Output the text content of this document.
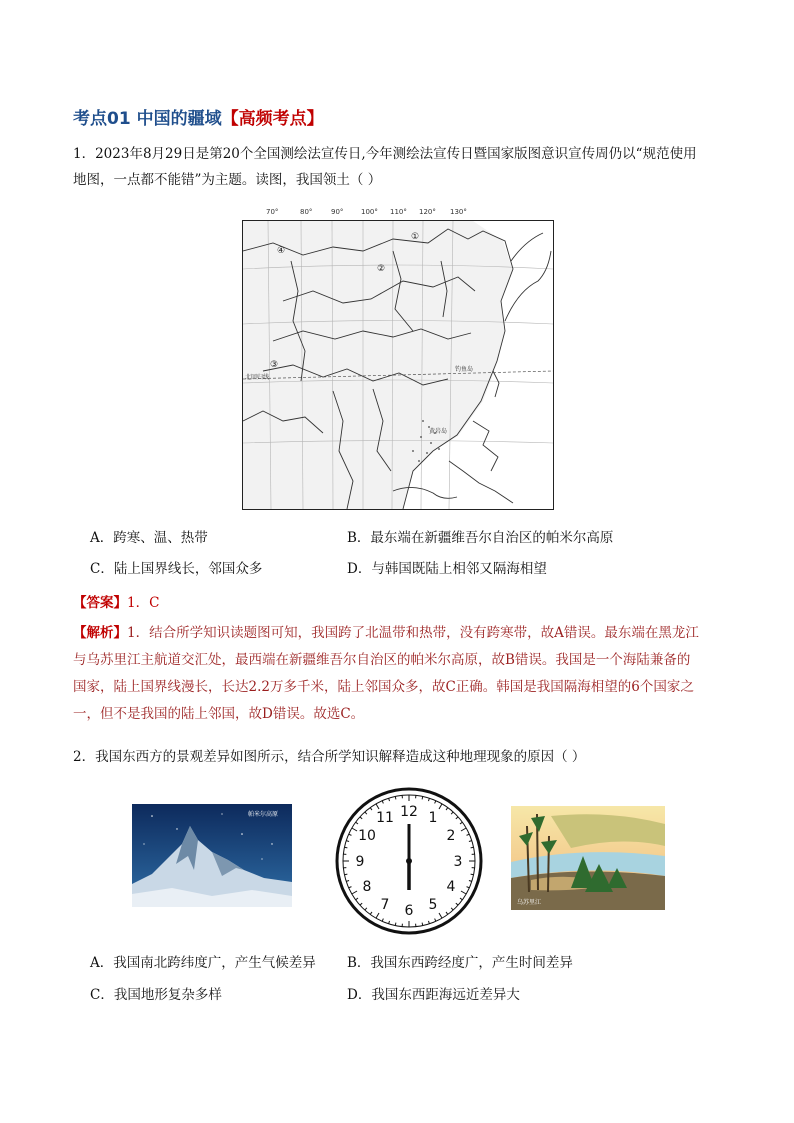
考点01 中国的疆域【高频考点】
1．2023年8月29日是第20个全国测绘法宣传日,今年测绘法宣传日暨国家版图意识宣传周仍以“规范使用
地图，一点都不能错”为主题。读图，我国领土（ ）
70°	80°	90°	100° 110° 120° 130°
①
②
③
④
北回归线
钓鱼岛
黄岩岛
A．跨寒、温、热带	B．最东端在新疆维吾尔自治区的帕米尔高原
C．陆上国界线长，邻国众多	D．与韩国既陆上相邻又隔海相望
【答案】1．C
【解析】1．结合所学知识读题图可知，我国跨了北温带和热带，没有跨寒带，故A错误。最东端在黑龙江
与乌苏里江主航道交汇处，最西端在新疆维吾尔自治区的帕米尔高原，故B错误。我国是一个海陆兼备的
国家，陆上国界线漫长，长达2.2万多千米，陆上邻国众多，故C正确。韩国是我国隔海相望的6个国家之
一，但不是我国的陆上邻国，故D错误。故选C。
2．我国东西方的景观差异如图所示，结合所学知识解释造成这种地理现象的原因（ ）
帕米尔高原	12 1
2
3
4
5
6
7
8
9
10
11
乌苏里江
A．我国南北跨纬度广，产生气候差异 B．我国东西跨经度广，产生时间差异
C．我国地形复杂多样	D．我国东西距海远近差异大
